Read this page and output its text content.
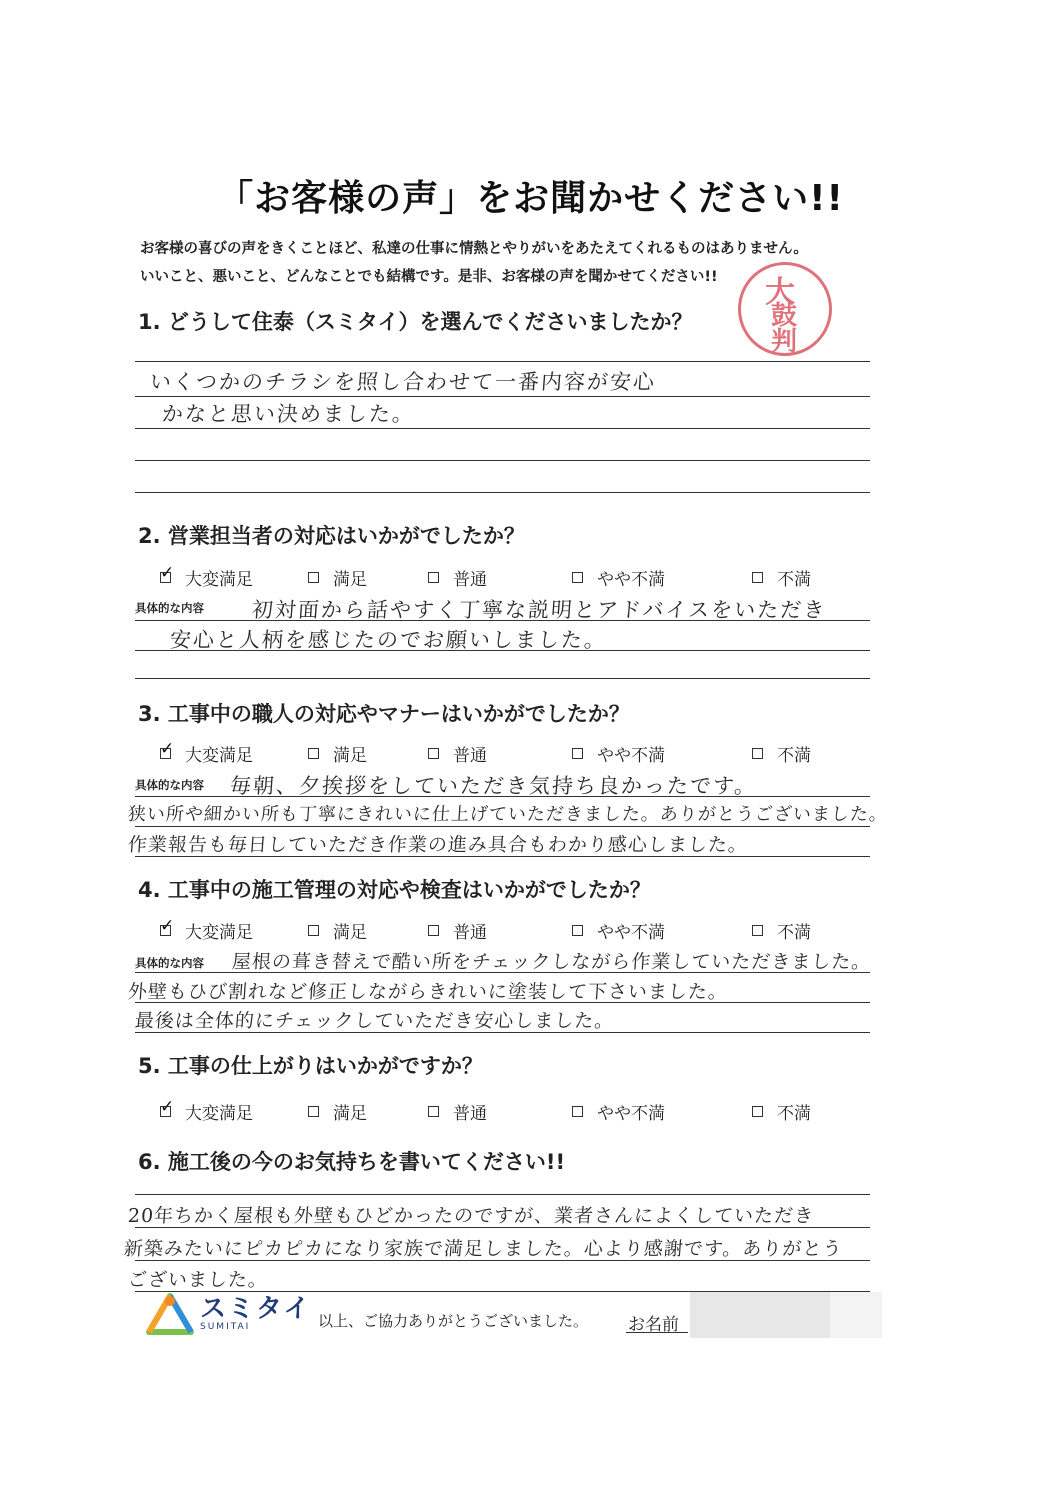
「お客様の声」をお聞かせください!!
お客様の喜びの声をきくことほど、私達の仕事に情熱とやりがいをあたえてくれるものはありません。
いいこと、悪いこと、どんなことでも結構です。是非、お客様の声を聞かせてください!! 大
鼓
判
1. どうして住泰（スミタイ）を選んでくださいましたか？
いくつかのチラシを照し合わせて一番内容が安心
かなと思い決めました。
2. 営業担当者の対応はいかがでしたか？
✓
大変満足	満足	普通	やや不満	不満
具体的な内容 初対面から話やすく丁寧な説明とアドバイスをいただき
安心と人柄を感じたのでお願いしました。
3. 工事中の職人の対応やマナーはいかがでしたか？
✓
大変満足	満足	普通	やや不満	不満
具体的な内容 毎朝、夕挨拶をしていただき気持ち良かったです。
狭い所や細かい所も丁寧にきれいに仕上げていただきました。ありがとうございました。
作業報告も毎日していただき作業の進み具合もわかり感心しました。
4. 工事中の施工管理の対応や検査はいかがでしたか？
✓
大変満足	満足	普通	やや不満	不満
具体的な内容 屋根の葺き替えで酷い所をチェックしながら作業していただきました。
外壁もひび割れなど修正しながらきれいに塗装して下さいました。
最後は全体的にチェックしていただき安心しました。
5. 工事の仕上がりはいかがですか？
✓
大変満足	満足	普通	やや不満	不満
6. 施工後の今のお気持ちを書いてください!!
20年ちかく屋根も外壁もひどかったのですが、業者さんによくしていただき
新築みたいにピカピカになり家族で満足しました。心より感謝です。ありがとう
ございました。
スミタイ
SUMITAI	以上、ご協力ありがとうございました。 お名前
